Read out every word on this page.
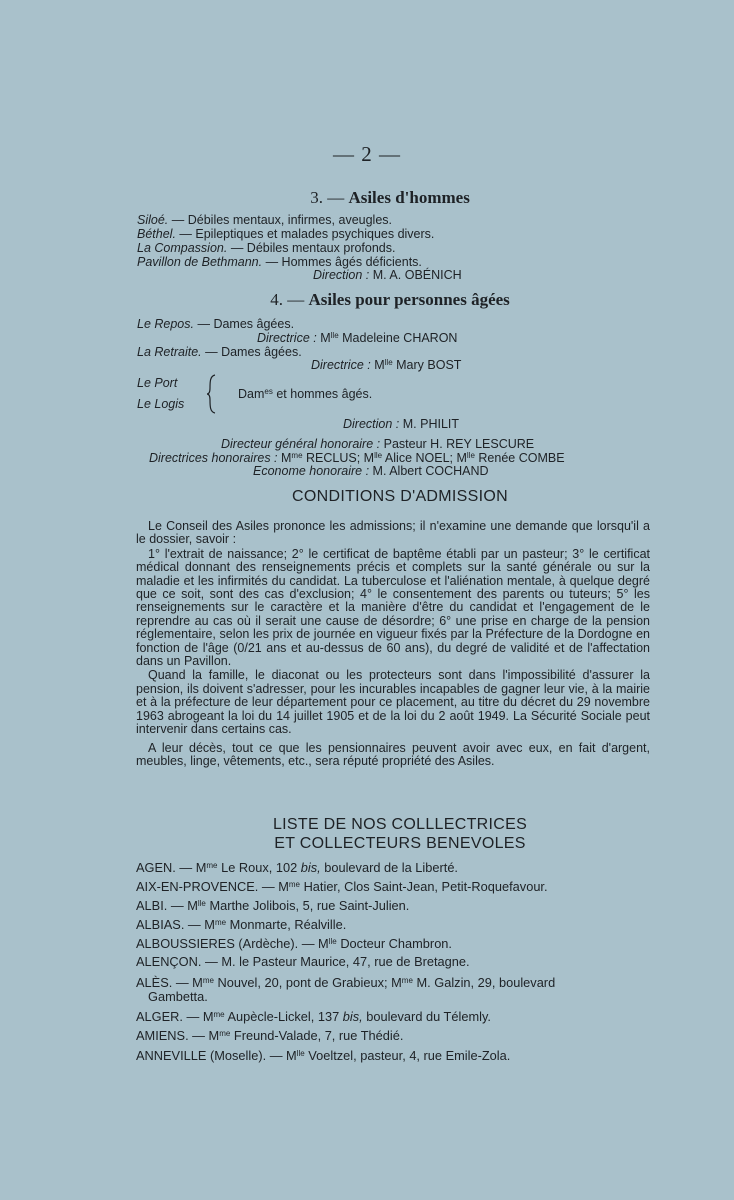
— 2 —
3. — Asiles d'hommes
Siloé. — Débiles mentaux, infirmes, aveugles.
Béthel. — Epileptiques et malades psychiques divers.
La Compassion. — Débiles mentaux profonds.
Pavillon de Bethmann. — Hommes âgés déficients.
Direction : M. A. OBÉNICH
4. — Asiles pour personnes âgées
Le Repos. — Dames âgées.
Directrice : $M^{lle}$ Madeleine CHARON
La Retraite. — Dames âgées.
Directrice : $M^{lle}$ Mary BOST
Le Port
Le Logis
Dam$^{es}$ et hommes âgés.
Direction : M. PHILIT
Directeur général honoraire : Pasteur H. REY LESCURE
Directrices honoraires : $M^{me}$ RECLUS; $M^{lle}$ Alice NOEL; $M^{lle}$ Renée COMBE
Econome honoraire : M. Albert COCHAND
CONDITIONS D'ADMISSION

Le Conseil des Asiles prononce les admissions; il n'examine une demande que lorsqu'il a le dossier, savoir :

1° l'extrait de naissance; 2° le certificat de baptême établi par un pasteur; 3° le certificat médical donnant des renseignements précis et complets sur la santé générale ou sur la maladie et les infirmités du candidat. La tuberculose et l'aliénation mentale, à quelque degré que ce soit, sont des cas d'exclusion; 4° le consentement des parents ou tuteurs; 5° les renseignements sur le caractère et la manière d'être du candidat et l'engagement de le reprendre au cas où il serait une cause de désordre; 6° une prise en charge de la pension réglementaire, selon les prix de journée en vigueur fixés par la Préfecture de la Dordogne en fonction de l'âge (0/21 ans et au-dessus de 60 ans), du degré de validité et de l'affectation dans un Pavillon.

Quand la famille, le diaconat ou les protecteurs sont dans l'impossibilité d'assurer la pension, ils doivent s'adresser, pour les incurables incapables de gagner leur vie, à la mairie et à la préfecture de leur département pour ce placement, au titre du décret du 29 novembre 1963 abrogeant la loi du 14 juillet 1905 et de la loi du 2 août 1949. La Sécurité Sociale peut intervenir dans certains cas.

A leur décès, tout ce que les pensionnaires peuvent avoir avec eux, en fait d'argent, meubles, linge, vêtements, etc., sera réputé propriété des Asiles.

LISTE DE NOS COLLLECTRICES
ET COLLECTEURS BENEVOLES
AGEN. — $M^{me}$ Le Roux, 102 bis, boulevard de la Liberté.
AIX-EN-PROVENCE. — $M^{me}$ Hatier, Clos Saint-Jean, Petit-Roquefavour.
ALBI. — $M^{lle}$ Marthe Jolibois, 5, rue Saint-Julien.
ALBIAS. — $M^{me}$ Monmarte, Réalville.
ALBOUSSIERES (Ardèche). — $M^{lle}$ Docteur Chambron.
ALENÇON. — M. le Pasteur Maurice, 47, rue de Bretagne.
ALÈS. — $M^{me}$ Nouvel, 20, pont de Grabieux; $M^{me}$ M. Galzin, 29, boulevard
Gambetta.
ALGER. — $M^{me}$ Aupècle-Lickel, 137 bis, boulevard du Télemly.
AMIENS. — $M^{me}$ Freund-Valade, 7, rue Thédié.
ANNEVILLE (Moselle). — $M^{lle}$ Voeltzel, pasteur, 4, rue Emile-Zola.
